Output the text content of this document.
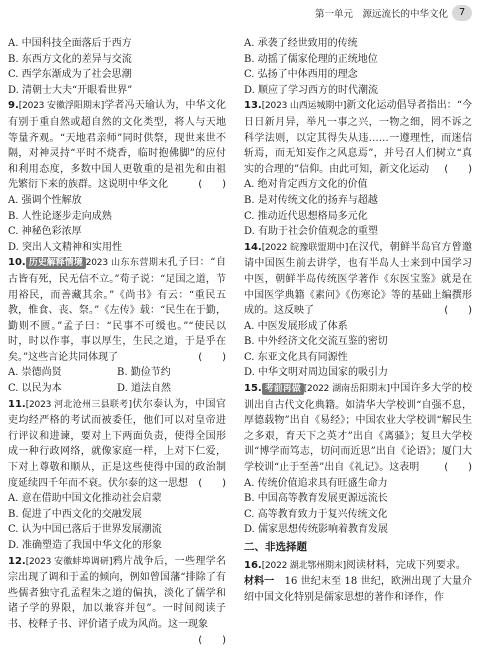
第一单元　源远流长的中华文化	7
A. 中国科技全面落后于西方
B. 东西方文化的差异与交流
C. 西学东渐成为了社会思潮
D. 清朝士大夫“开眼看世界”
9.[2023 安徽浮阳期末]学者冯天瑜认为，中华文化有别于重自然或超自然的文化类型，将人与天地等量齐观。“天地君亲师”同时供祭，现世来世不隔，对神灵持“平时不烧香，临时抱佛脚”的应付和利用态度，多数中国人更敬重的是祖先和由祖先繁衍下来的族群。这说明中华文化	(　　)
A. 强调个性解放
B. 人性论逐步走向成熟
C. 神秘色彩浓厚
D. 突出人文精神和实用性
10. 历史解释情境 2023 山东东营期末孔子曰：“自古皆有死，民无信不立。”荀子说：“足国之道，节用裕民，而善藏其余。”《尚书》有云：“重民五教，惟食、丧、祭。”《左传》载：“民生在于勤，勤则不匮。”孟子曰：“民事不可缓也。”“使民以时，时以作事，事以厚生，生民之道，于是乎在矣。”这些言论共同体现了	(　　)
A. 崇德尚贤	B. 勤俭节约
C. 以民为本	D. 道法自然
11.[2023 河北沧州三县联考]伏尔泰认为，中国官吏均经严格的考试而被委任，他们可以对皇帝进行评议和进谏，要对上下两面负责，使得全国形成一种行政网络，就像家庭一样，上对下仁爱，下对上尊敬和顺从，正是这些使得中国的政治制度延续四千年而不衰。伏尔泰的这一思想 (　　)
A. 意在借助中国文化推动社会启蒙
B. 促进了中西文化的交融发展
C. 认为中国已落后于世界发展潮流
D. 准确塑造了我国中华文化的形象
12.[2023 安徽蚌埠调研]鸦片战争后，一些理学名宗出现了调和于孟的倾向，例如曾国藩“排除了有些儒者独守孔孟程朱之道的偏执，淡化了儒学和诸子学的界限，加以兼容并包”。一时间阅读子书、校释子书、评价诸子成为风尚。这一现象
(　　)
A. 承袭了经世致用的传统
B. 动摇了儒家伦理的正统地位
C. 弘扬了中体西用的理念
D. 顺应了学习西方的时代潮流
13.[2023 山西运城期中]新文化运动倡导者指出：“今日日新月异，举凡一事之兴，一物之细，罔不诉之科学法则，以定其得失从违……一遵理性，而迷信斩焉，而无知妄作之风息焉”，并号召人们树立“真实的合理的”信仰。由此可知，新文化运动 (　　)
A. 绝对肯定西方文化的价值
B. 是对传统文化的扬弃与超越
C. 推动近代思想格局多元化
D. 有助于社会价值观念的重塑
14.[2022 皖豫联盟期中]在汉代，朝鲜半岛官方曾邀请中国医生前去讲学，也有半岛人士来到中国学习中医，朝鲜半岛传统医学著作《东医宝鉴》就是在中国医学典籍《素问》《伤寒论》等的基础上编撰形成的。这反映了	(　　)
A. 中医发展形成了体系
B. 中外经济文化交流互鉴的密切
C. 东亚文化具有同源性
D. 中华文明对周边国家的吸引力
15. 考前再做 [2022 湖南岳阳期末]中国许多大学的校训出自古代文化典籍。如清华大学校训“自强不息，厚德载物”出自《易经》；中国农业大学校训“解民生之多艰，育天下之英才”出自《离骚》；复旦大学校训“博学而笃志，切问而近思”出自《论语》；厦门大学校训“止于至善”出自《礼记》。这表明 (　　)
A. 传统价值追求具有旺盛生命力
B. 中国高等教育发展更源远流长
C. 高等教育致力于复兴传统文化
D. 儒家思想传统影响着教育发展
二、非选择题
16.[2022 湖北鄂州期末]阅读材料，完成下列要求。
材料一　 16 世纪末至 18 世纪，欧洲出现了大量介绍中国文化特别是儒家思想的著作和译作，作
